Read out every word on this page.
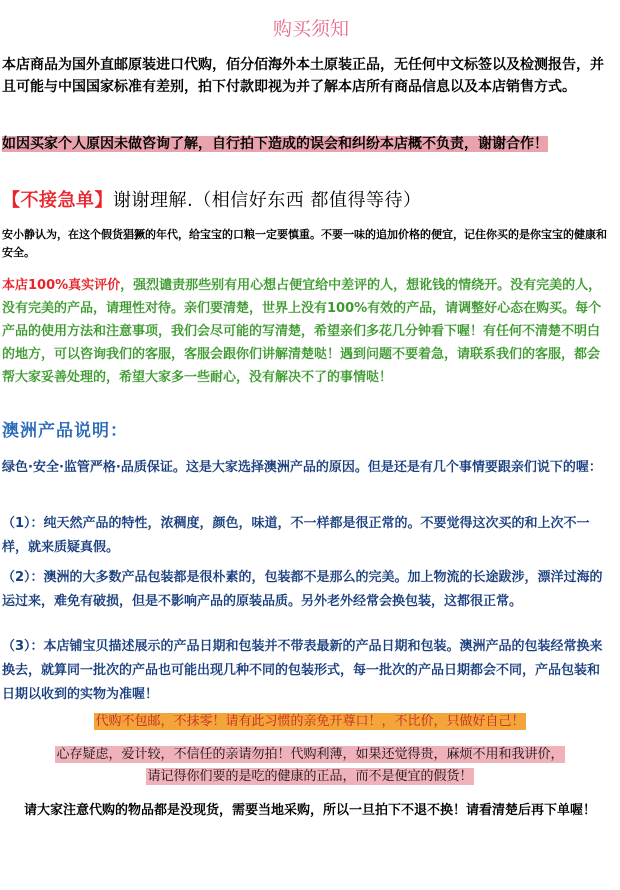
购买须知
本店商品为国外直邮原装进口代购，佰分佰海外本土原装正品，无任何中文标签以及检测报告，并且可能与中国国家标准有差别，拍下付款即视为并了解本店所有商品信息以及本店销售方式。
如因买家个人原因未做咨询了解，自行拍下造成的误会和纠纷本店概不负责，谢谢合作！
【不接急单】谢谢理解.（相信好东西 都值得等待）
安小静认为，在这个假货猖獗的年代，给宝宝的口粮一定要慎重。不要一味的追加价格的便宜，记住你买的是你宝宝的健康和安全。
本店100%真实评价，强烈谴责那些别有用心想占便宜给中差评的人，想讹钱的情绕开。没有完美的人，没有完美的产品，请理性对待。亲们要清楚，世界上没有100%有效的产品，请调整好心态在购买。每个产品的使用方法和注意事项，我们会尽可能的写清楚，希望亲们多花几分钟看下喔！有任何不清楚不明白的地方，可以咨询我们的客服，客服会跟你们讲解清楚哒！遇到问题不要着急，请联系我们的客服，都会帮大家妥善处理的，希望大家多一些耐心，没有解决不了的事情哒！
澳洲产品说明：
绿色·安全·监管严格·品质保证。这是大家选择澳洲产品的原因。但是还是有几个事情要跟亲们说下的喔：
（1）：纯天然产品的特性，浓稠度，颜色，味道，不一样都是很正常的。不要觉得这次买的和上次不一样，就来质疑真假。
（2）：澳洲的大多数产品包装都是很朴素的，包装都不是那么的完美。加上物流的长途跋涉，漂洋过海的运过来，难免有破损，但是不影响产品的原装品质。另外老外经常会换包装，这都很正常。
（3）：本店铺宝贝描述展示的产品日期和包装并不带表最新的产品日期和包装。澳洲产品的包装经常换来换去，就算同一批次的产品也可能出现几种不同的包装形式，每一批次的产品日期都会不同，产品包装和日期以收到的实物为准喔！
代购不包邮，不抹零！请有此习惯的亲免开尊口！，不比价，只做好自己！
心存疑虑，爱计较，不信任的亲请勿拍！代购利薄，如果还觉得贵，麻烦不用和我讲价，
请记得你们要的是吃的健康的正品，而不是便宜的假货！
请大家注意代购的物品都是没现货，需要当地采购，所以一旦拍下不退不换！请看清楚后再下单喔！
